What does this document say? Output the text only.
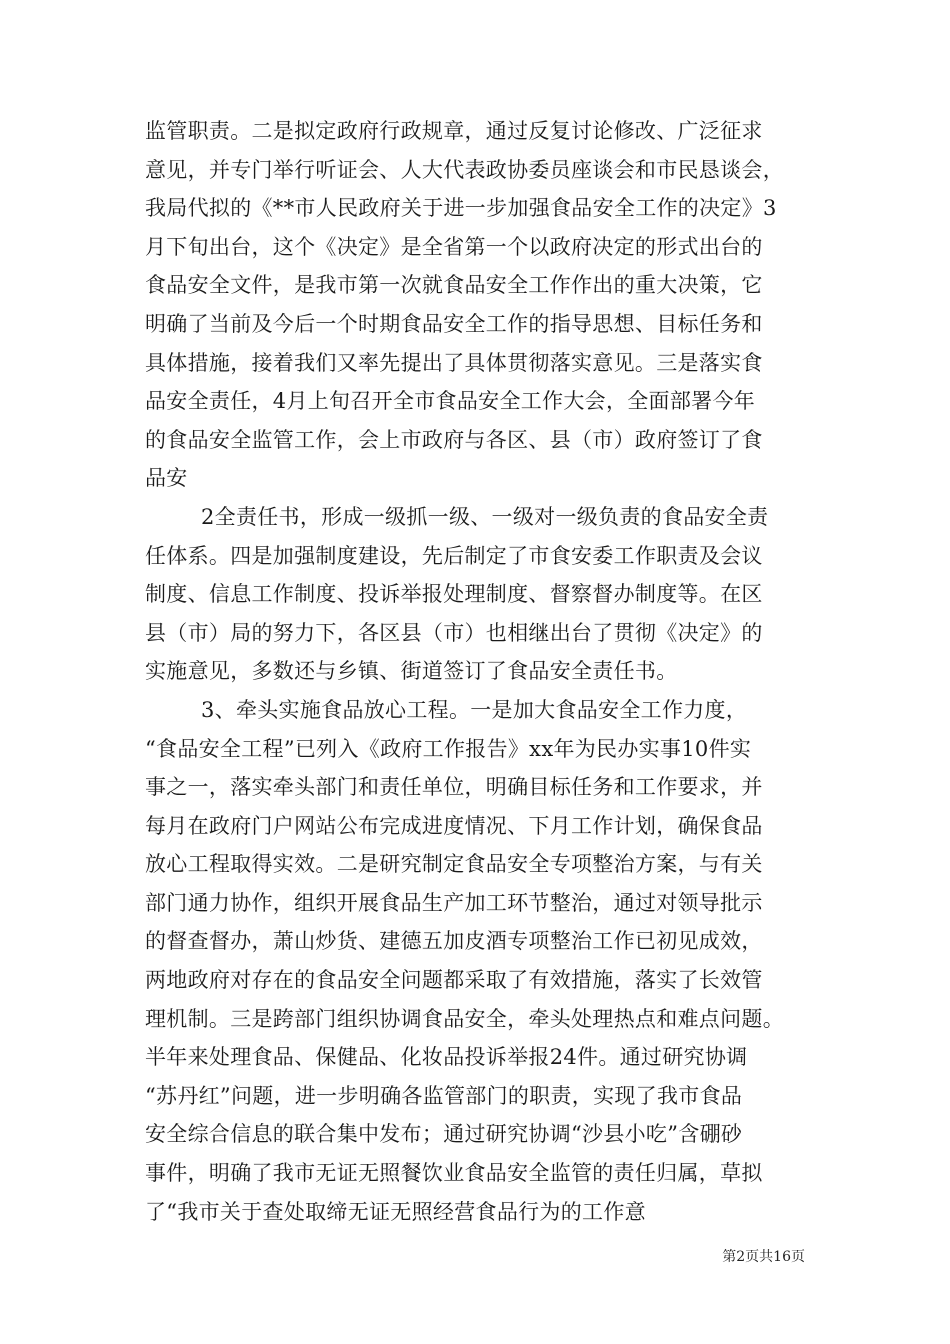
监管职责。二是拟定政府行政规章，通过反复讨论修改、广泛征求
意见，并专门举行听证会、人大代表政协委员座谈会和市民恳谈会，
我局代拟的《**市人民政府关于进一步加强食品安全工作的决定》3
月下旬出台，这个《决定》是全省第一个以政府决定的形式出台的
食品安全文件，是我市第一次就食品安全工作作出的重大决策，它
明确了当前及今后一个时期食品安全工作的指导思想、目标任务和
具体措施，接着我们又率先提出了具体贯彻落实意见。三是落实食
品安全责任，4月上旬召开全市食品安全工作大会，全面部署今年
的食品安全监管工作，会上市政府与各区、县（市）政府签订了食
品安
2全责任书，形成一级抓一级、一级对一级负责的食品安全责
任体系。四是加强制度建设，先后制定了市食安委工作职责及会议
制度、信息工作制度、投诉举报处理制度、督察督办制度等。在区
县（市）局的努力下，各区县（市）也相继出台了贯彻《决定》的
实施意见，多数还与乡镇、街道签订了食品安全责任书。
3、牵头实施食品放心工程。一是加大食品安全工作力度，
“食品安全工程”已列入《政府工作报告》xx年为民办实事10件实
事之一，落实牵头部门和责任单位，明确目标任务和工作要求，并
每月在政府门户网站公布完成进度情况、下月工作计划，确保食品
放心工程取得实效。二是研究制定食品安全专项整治方案，与有关
部门通力协作，组织开展食品生产加工环节整治，通过对领导批示
的督查督办，萧山炒货、建德五加皮酒专项整治工作已初见成效，
两地政府对存在的食品安全问题都采取了有效措施，落实了长效管
理机制。三是跨部门组织协调食品安全，牵头处理热点和难点问题。
半年来处理食品、保健品、化妆品投诉举报24件。通过研究协调
“苏丹红”问题，进一步明确各监管部门的职责，实现了我市食品
安全综合信息的联合集中发布；通过研究协调“沙县小吃”含硼砂
事件，明确了我市无证无照餐饮业食品安全监管的责任归属，草拟
了“我市关于查处取缔无证无照经营食品行为的工作意
第2页共16页
